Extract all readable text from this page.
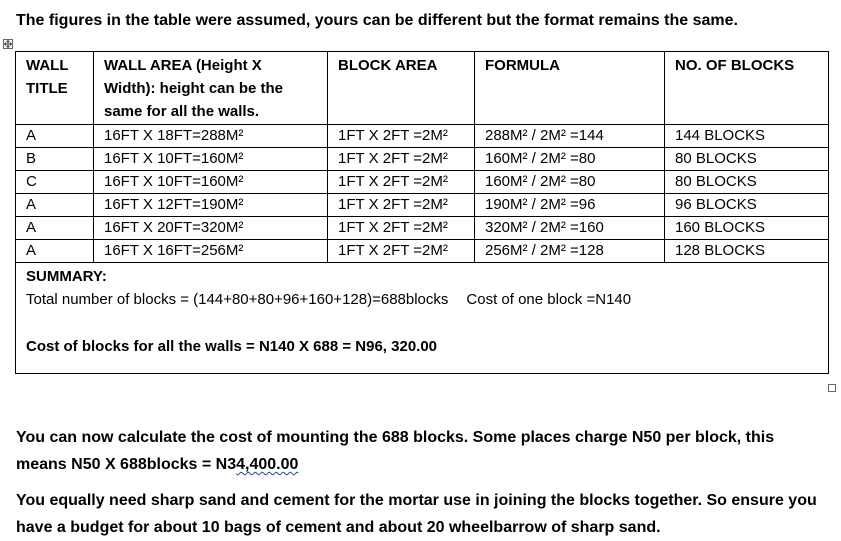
The figures in the table were assumed, yours can be different but the format remains the same.
WALL TITLE	WALL AREA (Height X Width): height can be the same for all the walls.	BLOCK AREA	FORMULA	NO. OF BLOCKS
A	16FT X 18FT=288M²	1FT X 2FT =2M²	288M² / 2M² =144	144 BLOCKS
B	16FT X 10FT=160M²	1FT X 2FT =2M²	160M² / 2M² =80	80 BLOCKS
C	16FT X 10FT=160M²	1FT X 2FT =2M²	160M² / 2M² =80	80 BLOCKS
A	16FT X 12FT=190M²	1FT X 2FT =2M²	190M² / 2M² =96	96 BLOCKS
A	16FT X 20FT=320M²	1FT X 2FT =2M²	320M² / 2M² =160	160 BLOCKS
A	16FT X 16FT=256M²	1FT X 2FT =2M²	256M² / 2M² =128	128 BLOCKS

SUMMARY:
Total number of blocks = (144+80+80+96+160+128)=688blocks Cost of one block =N140
Cost of blocks for all the walls = N140 X 688 = N96, 320.00				
You can now calculate the cost of mounting the 688 blocks. Some places charge N50 per block, this means N50 X 688blocks = N34,400.00
You equally need sharp sand and cement for the mortar use in joining the blocks together. So ensure you have a budget for about 10 bags of cement and about 20 wheelbarrow of sharp sand.
